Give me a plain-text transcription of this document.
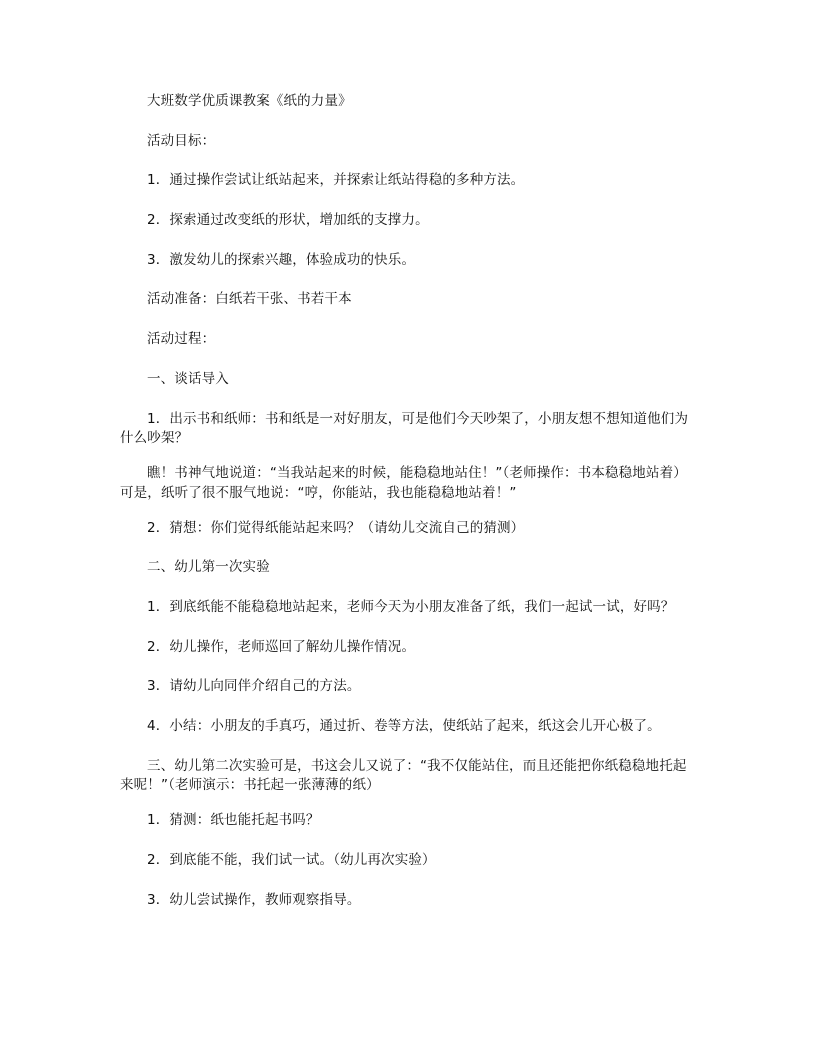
大班数学优质课教案《纸的力量》

活动目标：

1．通过操作尝试让纸站起来，并探索让纸站得稳的多种方法。

2．探索通过改变纸的形状，增加纸的支撑力。

3．激发幼儿的探索兴趣，体验成功的快乐。

活动准备：白纸若干张、书若干本

活动过程：

一、谈话导入

1．出示书和纸师：书和纸是一对好朋友，可是他们今天吵架了，小朋友想不想知道他们为什么吵架？

瞧！书神气地说道：“当我站起来的时候，能稳稳地站住！”（老师操作：书本稳稳地站着）可是，纸听了很不服气地说：“哼，你能站，我也能稳稳地站着！”

2．猜想：你们觉得纸能站起来吗？（请幼儿交流自己的猜测）

二、幼儿第一次实验

1．到底纸能不能稳稳地站起来，老师今天为小朋友准备了纸，我们一起试一试，好吗？

2．幼儿操作，老师巡回了解幼儿操作情况。

3．请幼儿向同伴介绍自己的方法。

4．小结：小朋友的手真巧，通过折、卷等方法，使纸站了起来，纸这会儿开心极了。

三、幼儿第二次实验可是，书这会儿又说了：“我不仅能站住，而且还能把你纸稳稳地托起来呢！”（老师演示：书托起一张薄薄的纸）

1．猜测：纸也能托起书吗？

2．到底能不能，我们试一试。（幼儿再次实验）

3．幼儿尝试操作，教师观察指导。
